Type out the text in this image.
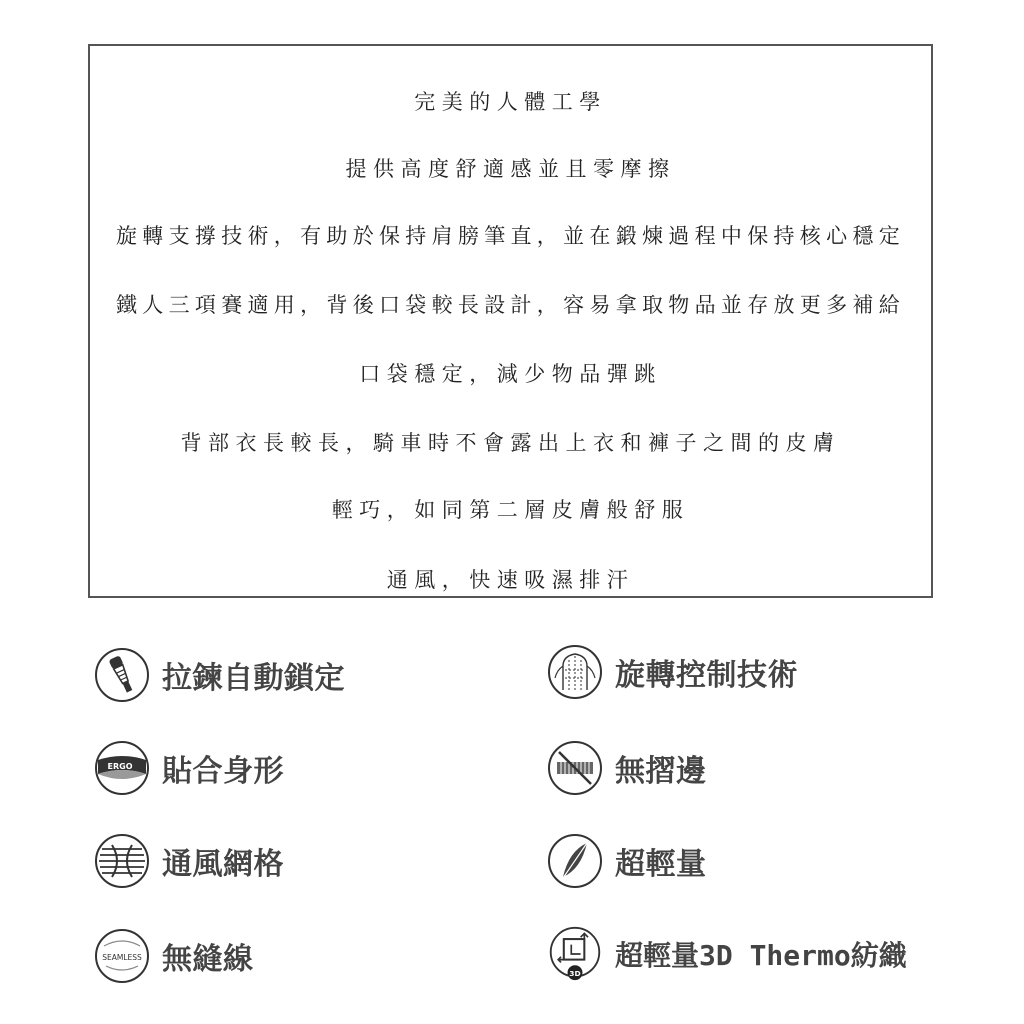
完美的人體工學
提供高度舒適感並且零摩擦
旋轉支撐技術，有助於保持肩膀筆直，並在鍛煉過程中保持核心穩定
鐵人三項賽適用，背後口袋較長設計，容易拿取物品並存放更多補給
口袋穩定，減少物品彈跳
背部衣長較長，騎車時不會露出上衣和褲子之間的皮膚
輕巧，如同第二層皮膚般舒服
通風，快速吸濕排汗
拉鍊自動鎖定
ERGO 貼合身形
通風網格
SEAMLESS 無縫線
旋轉控制技術
無摺邊
超輕量
3D
超輕量3D Thermo紡織
